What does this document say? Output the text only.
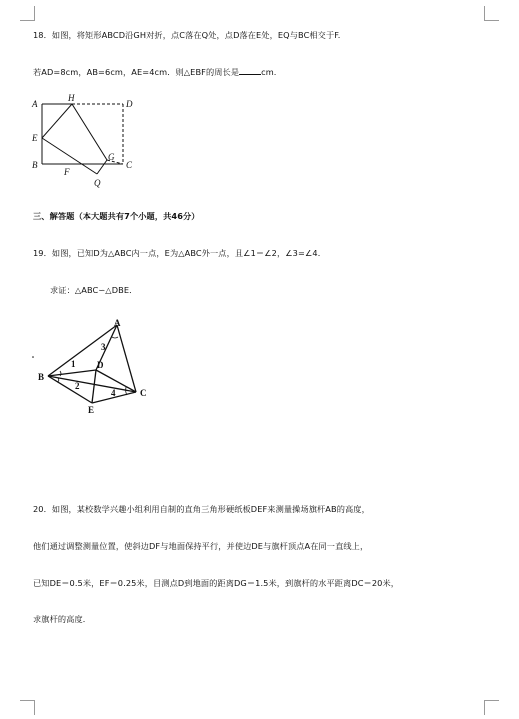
18．如图，将矩形ABCD沿GH对折，点C落在Q处，点D落在E处，EQ与BC相交于F.
若AD=8cm，AB=6cm，AE=4cm．则△EBF的周长是	cm.
A
H
D
E
B
F
G
C
Q
三、解答题（本大题共有7个小题，共46分）
19．如图，已知D为△ABC内一点，E为△ABC外一点，且∠1＝∠2，∠3=∠4．
求证：△ABC∽△DBE．
A
B
C
D
E
1
2
3
4
20．如图，某校数学兴趣小组利用自制的直角三角形硬纸板DEF来测量操场旗杆AB的高度，
他们通过调整测量位置，使斜边DF与地面保持平行，并使边DE与旗杆顶点A在同一直线上，
已知DE＝0.5米，EF＝0.25米，目测点D到地面的距离DG＝1.5米，到旗杆的水平距离DC＝20米，
求旗杆的高度．
